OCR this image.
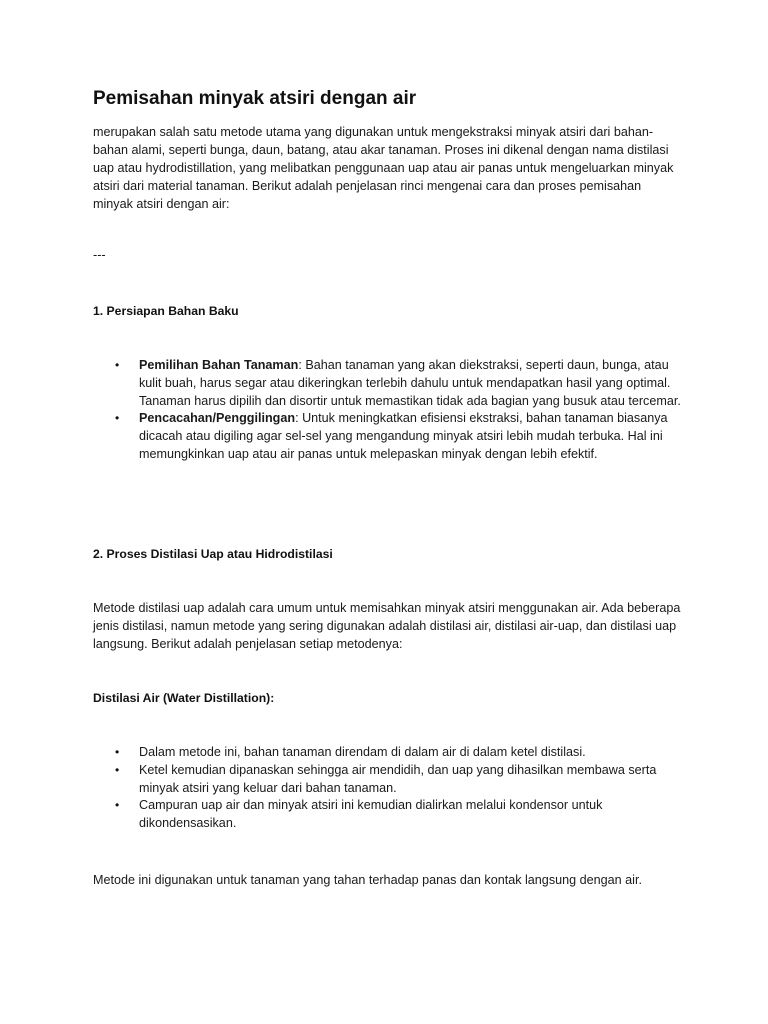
Pemisahan minyak atsiri dengan air

merupakan salah satu metode utama yang digunakan untuk mengekstraksi minyak atsiri dari bahan-bahan alami, seperti bunga, daun, batang, atau akar tanaman. Proses ini dikenal dengan nama distilasi uap atau hydrodistillation, yang melibatkan penggunaan uap atau air panas untuk mengeluarkan minyak atsiri dari material tanaman. Berikut adalah penjelasan rinci mengenai cara dan proses pemisahan minyak atsiri dengan air:

---

1. Persiapan Bahan Baku

• Pemilihan Bahan Tanaman: Bahan tanaman yang akan diekstraksi, seperti daun, bunga, atau kulit buah, harus segar atau dikeringkan terlebih dahulu untuk mendapatkan hasil yang optimal. Tanaman harus dipilih dan disortir untuk memastikan tidak ada bagian yang busuk atau tercemar.
• Pencacahan/Penggilingan: Untuk meningkatkan efisiensi ekstraksi, bahan tanaman biasanya dicacah atau digiling agar sel-sel yang mengandung minyak atsiri lebih mudah terbuka. Hal ini memungkinkan uap atau air panas untuk melepaskan minyak dengan lebih efektif.

2. Proses Distilasi Uap atau Hidrodistilasi

Metode distilasi uap adalah cara umum untuk memisahkan minyak atsiri menggunakan air. Ada beberapa jenis distilasi, namun metode yang sering digunakan adalah distilasi air, distilasi air-uap, dan distilasi uap langsung. Berikut adalah penjelasan setiap metodenya:

Distilasi Air (Water Distillation):

• Dalam metode ini, bahan tanaman direndam di dalam air di dalam ketel distilasi.
• Ketel kemudian dipanaskan sehingga air mendidih, dan uap yang dihasilkan membawa serta minyak atsiri yang keluar dari bahan tanaman.
• Campuran uap air dan minyak atsiri ini kemudian dialirkan melalui kondensor untuk dikondensasikan.

Metode ini digunakan untuk tanaman yang tahan terhadap panas dan kontak langsung dengan air.
